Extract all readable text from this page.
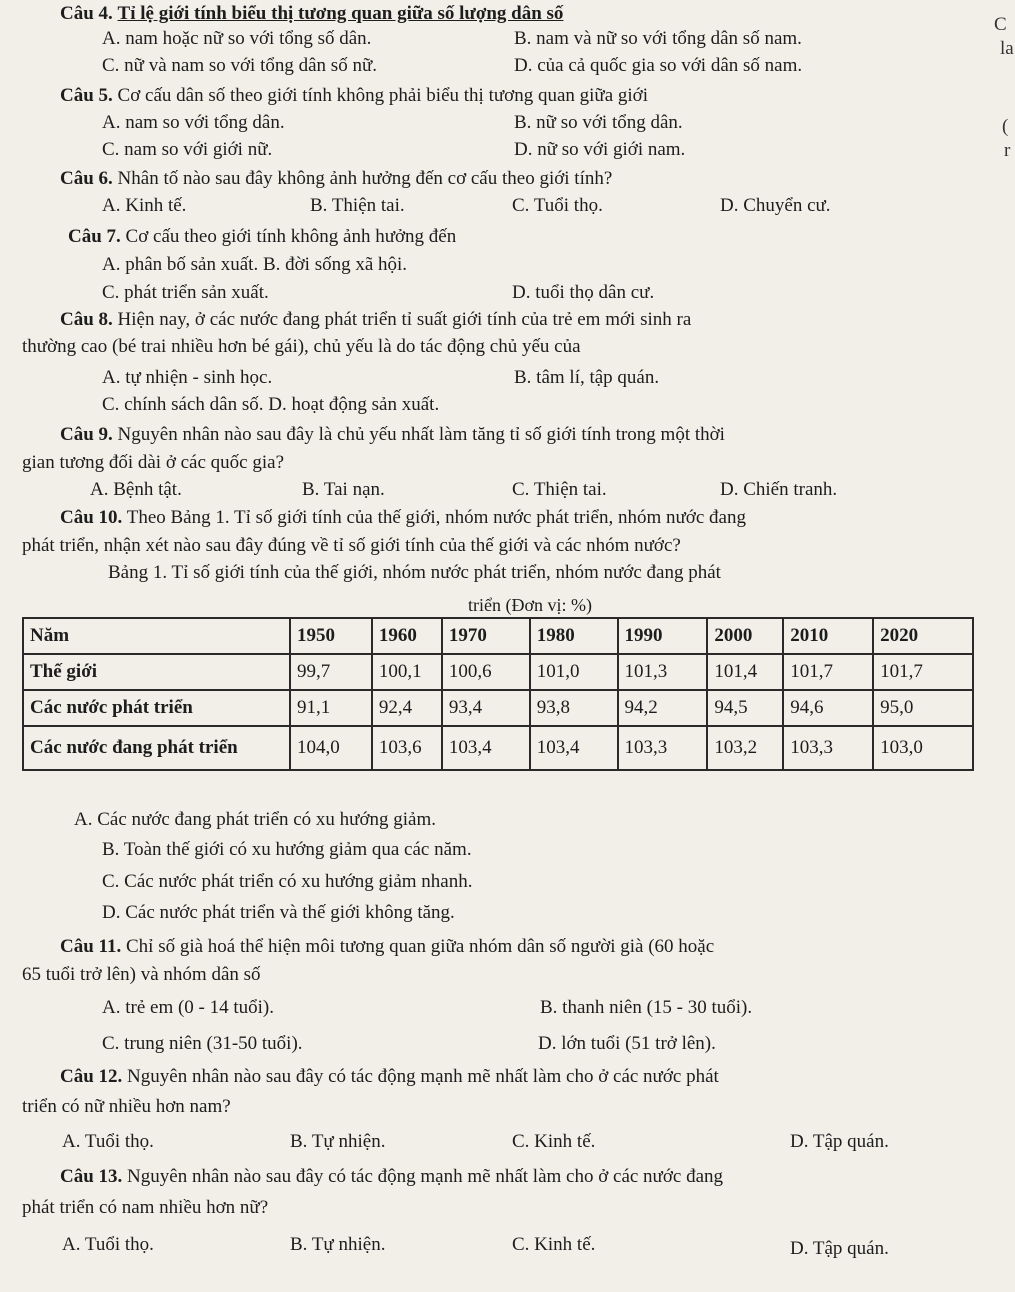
C
la
(
r
Câu 4. Tỉ lệ giới tính biểu thị tương quan giữa số lượng dân số
A. nam hoặc nữ so với tổng số dân.	B. nam và nữ so với tổng dân số nam.
C. nữ và nam so với tổng dân số nữ.	D. của cả quốc gia so với dân số nam.
Câu 5. Cơ cấu dân số theo giới tính không phải biểu thị tương quan giữa giới
A. nam so với tổng dân.	B. nữ so với tổng dân.
C. nam so với giới nữ.	D. nữ so với giới nam.
Câu 6. Nhân tố nào sau đây không ảnh hưởng đến cơ cấu theo giới tính?
A. Kinh tế.	B. Thiện tai.	C. Tuổi thọ.	D. Chuyển cư.
Câu 7. Cơ cấu theo giới tính không ảnh hưởng đến
A. phân bố sản xuất. B. đời sống xã hội.
C. phát triển sản xuất.	D. tuổi thọ dân cư.
Câu 8. Hiện nay, ở các nước đang phát triển tỉ suất giới tính của trẻ em mới sinh ra
thường cao (bé trai nhiều hơn bé gái), chủ yếu là do tác động chủ yếu của
A. tự nhiện - sinh học.	B. tâm lí, tập quán.
C. chính sách dân số. D. hoạt động sản xuất.
Câu 9. Nguyên nhân nào sau đây là chủ yếu nhất làm tăng tỉ số giới tính trong một thời
gian tương đối dài ở các quốc gia?
A. Bệnh tật.	B. Tai nạn.	C. Thiện tai.	D. Chiến tranh.
Câu 10. Theo Bảng 1. Tỉ số giới tính của thế giới, nhóm nước phát triển, nhóm nước đang
phát triển, nhận xét nào sau đây đúng về tỉ số giới tính của thế giới và các nhóm nước?
Bảng 1. Tỉ số giới tính của thế giới, nhóm nước phát triển, nhóm nước đang phát
triển (Đơn vị: %)
Năm	1950	1960	1970	1980	1990	2000	2010	2020
Thế giới	99,7	100,1	100,6	101,0	101,3	101,4	101,7	101,7
Các nước phát triển	91,1	92,4	93,4	93,8	94,2	94,5	94,6	95,0
Các nước đang phát triển	104,0	103,6	103,4	103,4	103,3	103,2	103,3	103,0
A. Các nước đang phát triển có xu hướng giảm.
B. Toàn thế giới có xu hướng giảm qua các năm.
C. Các nước phát triển có xu hướng giảm nhanh.
D. Các nước phát triển và thế giới không tăng.
Câu 11. Chỉ số già hoá thể hiện môi tương quan giữa nhóm dân số người già (60 hoặc
65 tuổi trở lên) và nhóm dân số
A. trẻ em (0 - 14 tuổi).	B. thanh niên (15 - 30 tuổi).
C. trung niên (31-50 tuổi).	D. lớn tuổi (51 trở lên).
Câu 12. Nguyên nhân nào sau đây có tác động mạnh mẽ nhất làm cho ở các nước phát
triển có nữ nhiều hơn nam?
A. Tuổi thọ.	B. Tự nhiện.	C. Kinh tế.	D. Tập quán.
Câu 13. Nguyên nhân nào sau đây có tác động mạnh mẽ nhất làm cho ở các nước đang
phát triển có nam nhiều hơn nữ?
A. Tuổi thọ.	B. Tự nhiện.	C. Kinh tế.	D. Tập quán.
